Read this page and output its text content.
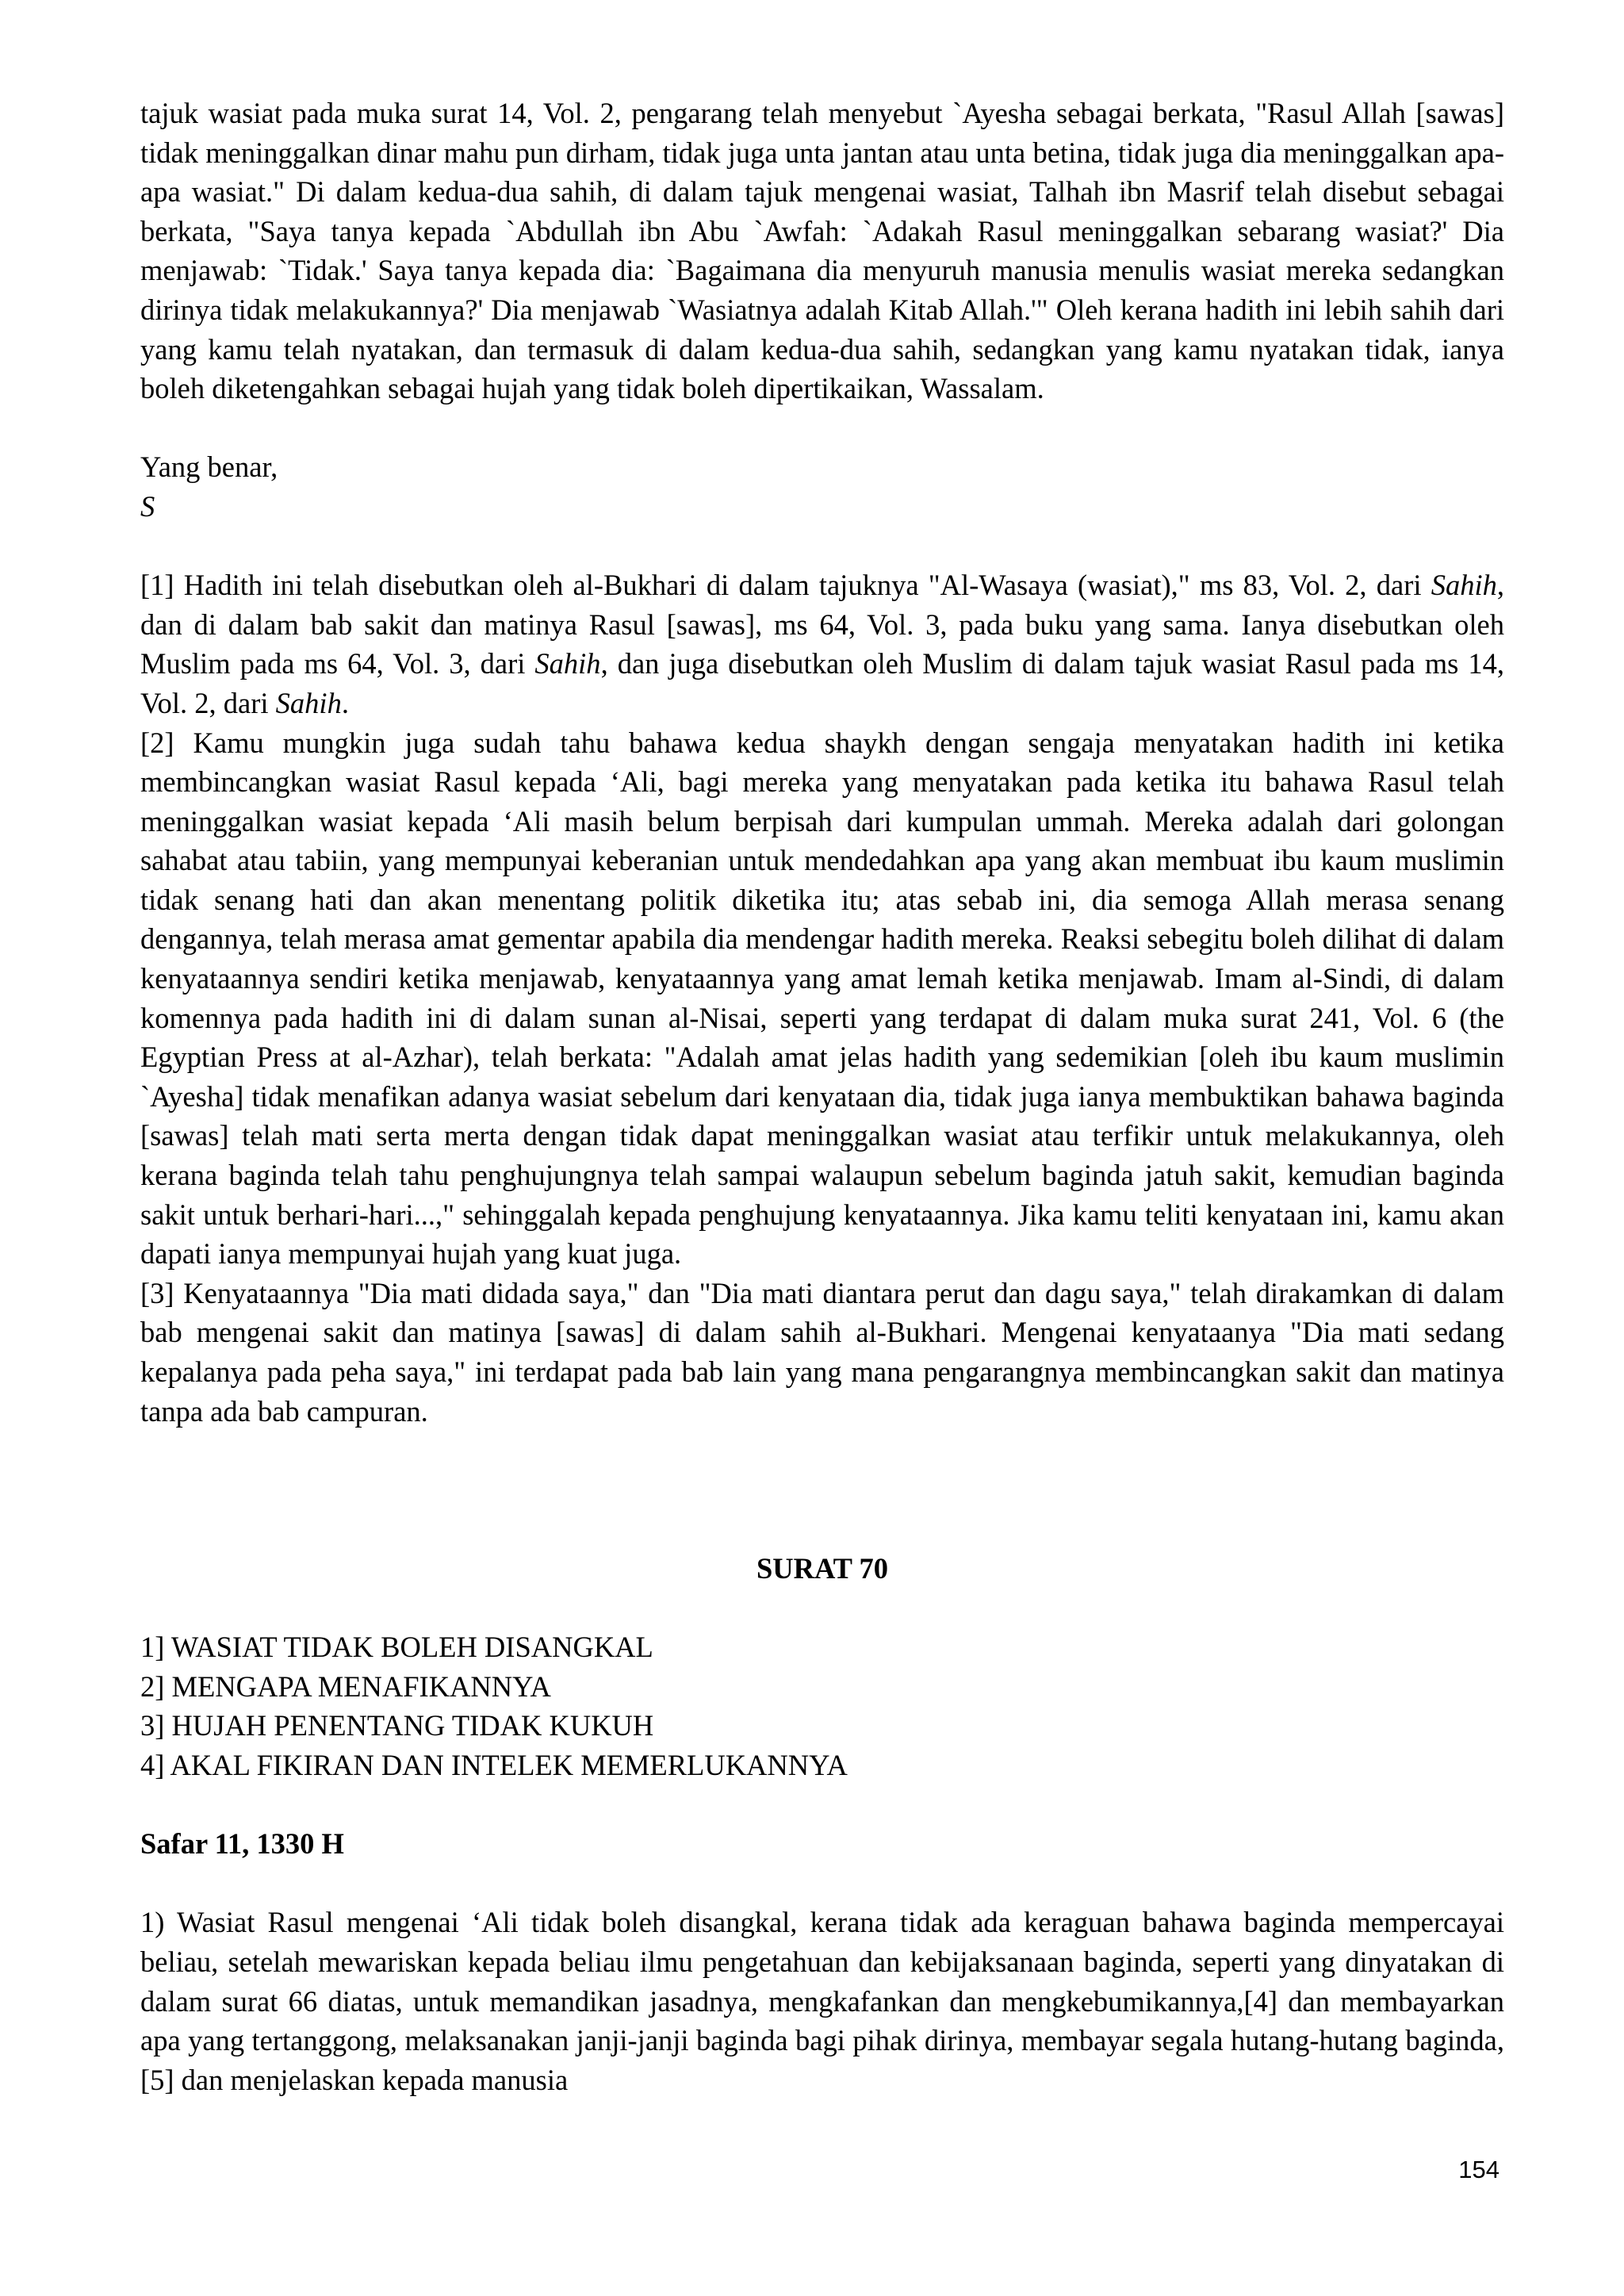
tajuk wasiat pada muka surat 14, Vol. 2, pengarang telah menyebut `Ayesha sebagai berkata, "Rasul Allah [sawas] tidak meninggalkan dinar mahu pun dirham, tidak juga unta jantan atau unta betina, tidak juga dia meninggalkan apa-apa wasiat." Di dalam kedua-dua sahih, di dalam tajuk mengenai wasiat, Talhah ibn Masrif telah disebut sebagai berkata, "Saya tanya kepada `Abdullah ibn Abu `Awfah: `Adakah Rasul meninggalkan sebarang wasiat?' Dia menjawab: `Tidak.' Saya tanya kepada dia: `Bagaimana dia menyuruh manusia menulis wasiat mereka sedangkan dirinya tidak melakukannya?' Dia menjawab `Wasiatnya adalah Kitab Allah.'" Oleh kerana hadith ini lebih sahih dari yang kamu telah nyatakan, dan termasuk di dalam kedua-dua sahih, sedangkan yang kamu nyatakan tidak, ianya boleh diketengahkan sebagai hujah yang tidak boleh dipertikaikan, Wassalam.

Yang benar,

S

[1] Hadith ini telah disebutkan oleh al-Bukhari di dalam tajuknya "Al-Wasaya (wasiat)," ms 83, Vol. 2, dari Sahih, dan di dalam bab sakit dan matinya Rasul [sawas], ms 64, Vol. 3, pada buku yang sama. Ianya disebutkan oleh Muslim pada ms 64, Vol. 3, dari Sahih, dan juga disebutkan oleh Muslim di dalam tajuk wasiat Rasul pada ms 14, Vol. 2, dari Sahih.

[2] Kamu mungkin juga sudah tahu bahawa kedua shaykh dengan sengaja menyatakan hadith ini ketika membincangkan wasiat Rasul kepada ‘Ali, bagi mereka yang menyatakan pada ketika itu bahawa Rasul telah meninggalkan wasiat kepada ‘Ali masih belum berpisah dari kumpulan ummah. Mereka adalah dari golongan sahabat atau tabiin, yang mempunyai keberanian untuk mendedahkan apa yang akan membuat ibu kaum muslimin tidak senang hati dan akan menentang politik diketika itu; atas sebab ini, dia semoga Allah merasa senang dengannya, telah merasa amat gementar apabila dia mendengar hadith mereka. Reaksi sebegitu boleh dilihat di dalam kenyataannya sendiri ketika menjawab, kenyataannya yang amat lemah ketika menjawab. Imam al-Sindi, di dalam komennya pada hadith ini di dalam sunan al-Nisai, seperti yang terdapat di dalam muka surat 241, Vol. 6 (the Egyptian Press at al-Azhar), telah berkata: "Adalah amat jelas hadith yang sedemikian [oleh ibu kaum muslimin `Ayesha] tidak menafikan adanya wasiat sebelum dari kenyataan dia, tidak juga ianya membuktikan bahawa baginda [sawas] telah mati serta merta dengan tidak dapat meninggalkan wasiat atau terfikir untuk melakukannya, oleh kerana baginda telah tahu penghujungnya telah sampai walaupun sebelum baginda jatuh sakit, kemudian baginda sakit untuk berhari-hari...," sehinggalah kepada penghujung kenyataannya. Jika kamu teliti kenyataan ini, kamu akan dapati ianya mempunyai hujah yang kuat juga.

[3] Kenyataannya "Dia mati didada saya," dan "Dia mati diantara perut dan dagu saya," telah dirakamkan di dalam bab mengenai sakit dan matinya [sawas] di dalam sahih al-Bukhari. Mengenai kenyataanya "Dia mati sedang kepalanya pada peha saya," ini terdapat pada bab lain yang mana pengarangnya membincangkan sakit dan matinya tanpa ada bab campuran.

SURAT 70

1] WASIAT TIDAK BOLEH DISANGKAL
2] MENGAPA MENAFIKANNYA
3] HUJAH PENENTANG TIDAK KUKUH
4] AKAL FIKIRAN DAN INTELEK MEMERLUKANNYA

Safar 11, 1330 H

1) Wasiat Rasul mengenai ‘Ali tidak boleh disangkal, kerana tidak ada keraguan bahawa baginda mempercayai beliau, setelah mewariskan kepada beliau ilmu pengetahuan dan kebijaksanaan baginda, seperti yang dinyatakan di dalam surat 66 diatas, untuk memandikan jasadnya, mengkafankan dan mengkebumikannya,[4] dan membayarkan apa yang tertanggong, melaksanakan janji-janji baginda bagi pihak dirinya, membayar segala hutang-hutang baginda,[5] dan menjelaskan kepada manusia

154
